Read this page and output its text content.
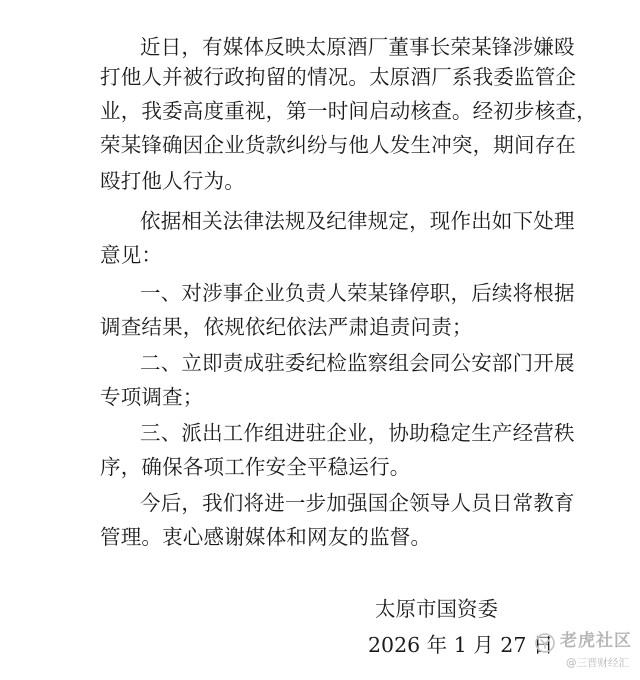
近日，有媒体反映太原酒厂董事长荣某锋涉嫌殴
打他人并被行政拘留的情况。太原酒厂系我委监管企
业，我委高度重视，第一时间启动核查。经初步核查，
荣某锋确因企业货款纠纷与他人发生冲突，期间存在
殴打他人行为。
依据相关法律法规及纪律规定，现作出如下处理
意见：
一、对涉事企业负责人荣某锋停职，后续将根据
调查结果，依规依纪依法严肃追责问责；
二、立即责成驻委纪检监察组会同公安部门开展
专项调查；
三、派出工作组进驻企业，协助稳定生产经营秩
序，确保各项工作安全平稳运行。
今后，我们将进一步加强国企领导人员日常教育
管理。衷心感谢媒体和网友的监督。
太原市国资委
2026 年 1 月 27 日 老虎社区
@三晋财经汇
